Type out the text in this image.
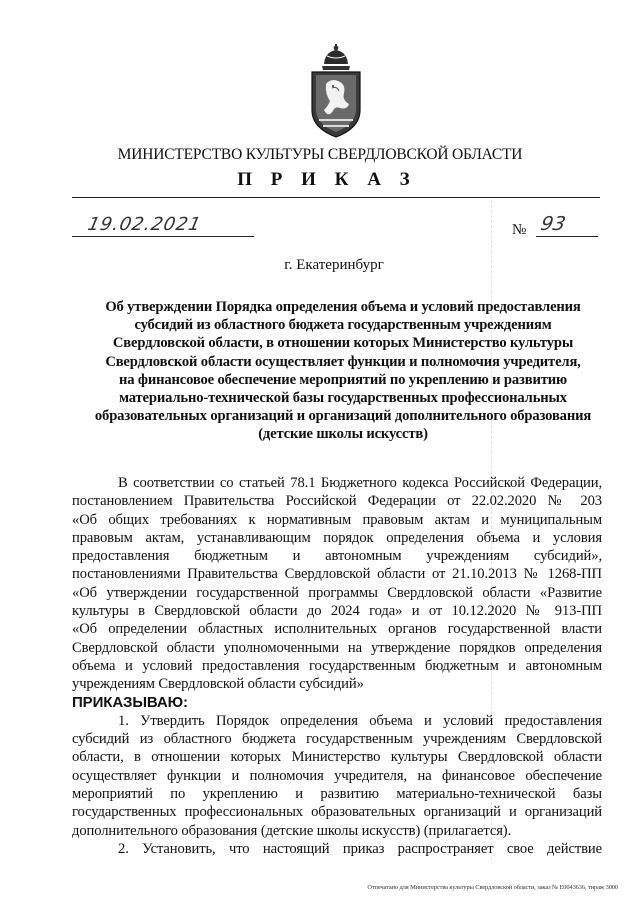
МИНИСТЕРСТВО КУЛЬТУРЫ СВЕРДЛОВСКОЙ ОБЛАСТИ
П Р И К А З
19.02.2021	№ 93
г. Екатеринбург
Об утверждении Порядка определения объема и условий предоставления
субсидий из областного бюджета государственным учреждениям
Свердловской области, в отношении которых Министерство культуры
Свердловской области осуществляет функции и полномочия учредителя,
на финансовое обеспечение мероприятий по укреплению и развитию
материально-технической базы государственных профессиональных
образовательных организаций и организаций дополнительного образования
(детские школы искусств)
В соответствии со статьей 78.1 Бюджетного кодекса Российской Федерации,
постановлением Правительства Российской Федерации от 22.02.2020 № 203
«Об общих требованиях к нормативным правовым актам и муниципальным
правовым актам, устанавливающим порядок определения объема и условия
предоставления бюджетным и автономным учреждениям субсидий»,
постановлениями Правительства Свердловской области от 21.10.2013 № 1268-ПП
«Об утверждении государственной программы Свердловской области «Развитие
культуры в Свердловской области до 2024 года» и от 10.12.2020 № 913-ПП
«Об определении областных исполнительных органов государственной власти
Свердловской области уполномоченными на утверждение порядков определения
объема и условий предоставления государственным бюджетным и автономным
учреждениям Свердловской области субсидий»
ПРИКАЗЫВАЮ:
1. Утвердить Порядок определения объема и условий предоставления
субсидий из областного бюджета государственным учреждениям Свердловской
области, в отношении которых Министерство культуры Свердловской области
осуществляет функции и полномочия учредителя, на финансовое обеспечение
мероприятий по укреплению и развитию материально-технической базы
государственных профессиональных образовательных организаций и организаций
дополнительного образования (детские школы искусств) (прилагается).
2. Установить, что настоящий приказ распространяет свое действие
Отпечатано для Министерства культуры Свердловской области, заказ № Е0043636, тираж 3000
